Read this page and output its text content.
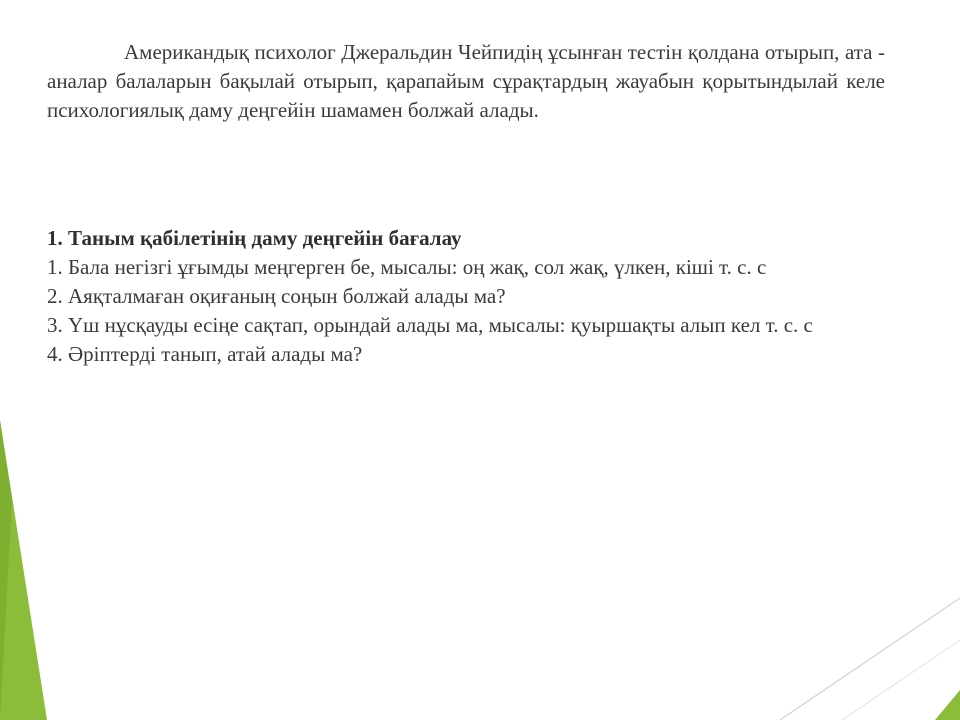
Американдық психолог Джеральдин Чейпидің ұсынған тестін қолдана отырып, ата - аналар балаларын бақылай отырып, қарапайым сұрақтардың жауабын қорытындылай келе психологиялық даму деңгейін шамамен болжай алады.

1. Таным қабілетінің даму деңгейін бағалау

1. Бала негізгі ұғымды меңгерген бе, мысалы: оң жақ, сол жақ, үлкен, кіші т. с. с
2. Аяқталмаған оқиғаның соңын болжай алады ма?
3. Үш нұсқауды есіңе сақтап, орындай алады ма, мысалы: қуыршақты алып кел т. с. с
4. Әріптерді танып, атай алады ма?
